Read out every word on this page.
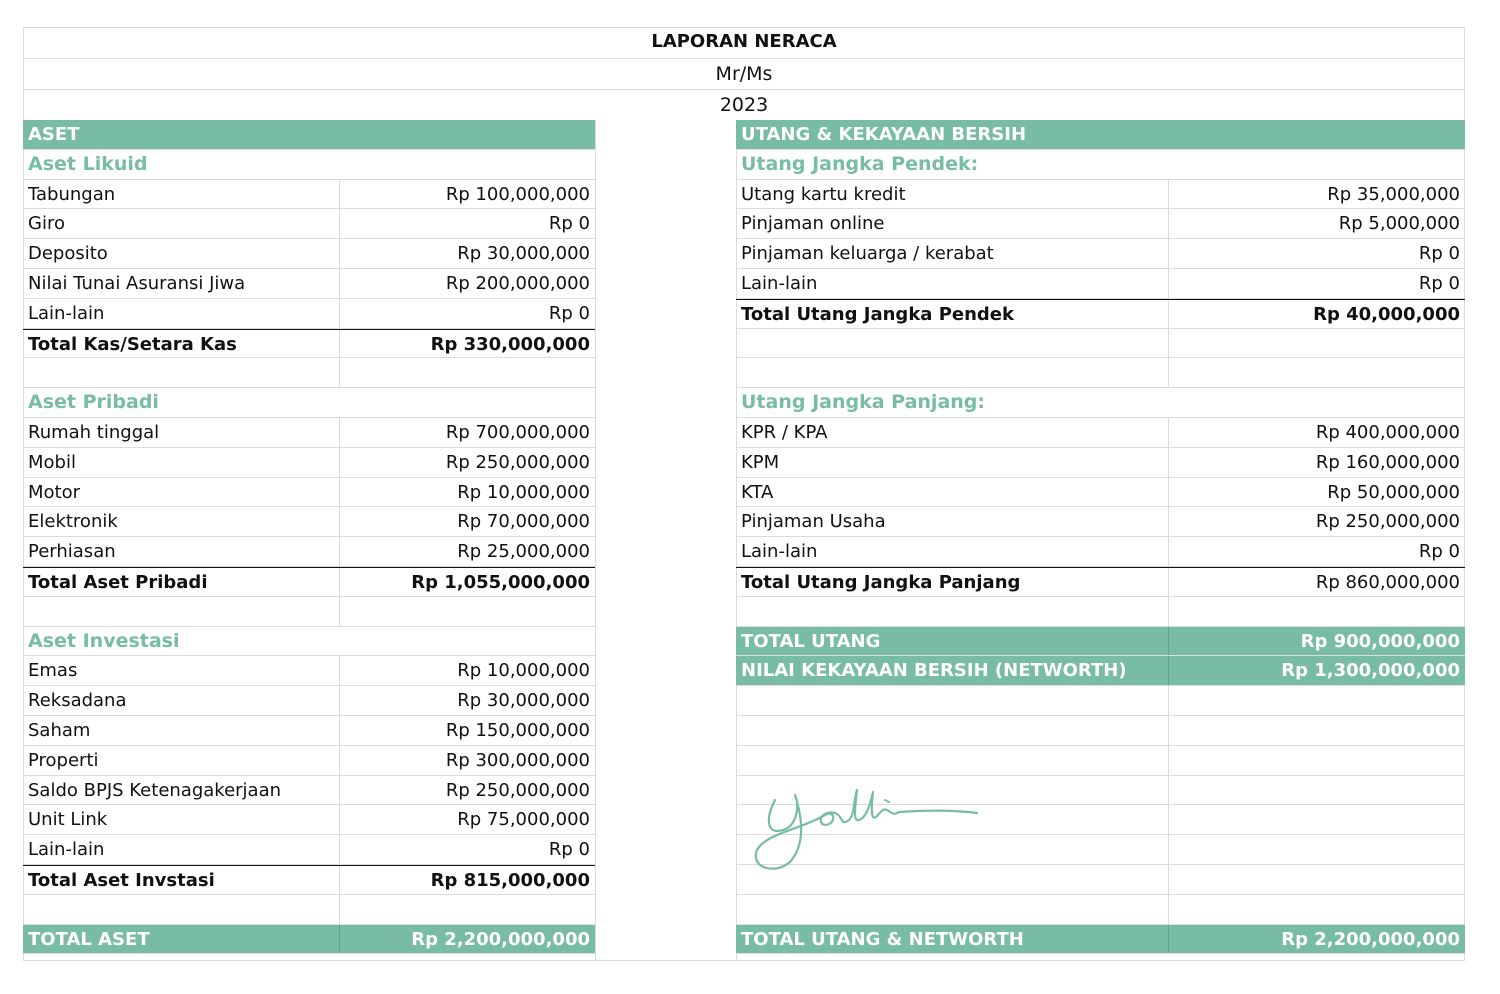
LAPORAN NERACA
Mr/Ms
2023
ASET
Aset Likuid
Tabungan	Rp 100,000,000
Giro	Rp 0
Deposito	Rp 30,000,000
Nilai Tunai Asuransi Jiwa	Rp 200,000,000
Lain-lain	Rp 0
Total Kas/Setara Kas	Rp 330,000,000
Aset Pribadi
Rumah tinggal	Rp 700,000,000
Mobil	Rp 250,000,000
Motor	Rp 10,000,000
Elektronik	Rp 70,000,000
Perhiasan	Rp 25,000,000
Total Aset Pribadi	Rp 1,055,000,000
Aset Investasi
Emas	Rp 10,000,000
Reksadana	Rp 30,000,000
Saham	Rp 150,000,000
Properti	Rp 300,000,000
Saldo BPJS Ketenagakerjaan	Rp 250,000,000
Unit Link	Rp 75,000,000
Lain-lain	Rp 0
Total Aset Invstasi	Rp 815,000,000
TOTAL ASET	Rp 2,200,000,000
UTANG & KEKAYAAN BERSIH
Utang Jangka Pendek:
Utang kartu kredit	Rp 35,000,000
Pinjaman online	Rp 5,000,000
Pinjaman keluarga / kerabat	Rp 0
Lain-lain	Rp 0
Total Utang Jangka Pendek	Rp 40,000,000
Utang Jangka Panjang:
KPR / KPA	Rp 400,000,000
KPM	Rp 160,000,000
KTA	Rp 50,000,000
Pinjaman Usaha	Rp 250,000,000
Lain-lain	Rp 0
Total Utang Jangka Panjang	Rp 860,000,000
TOTAL UTANG	Rp 900,000,000
NILAI KEKAYAAN BERSIH (NETWORTH)	Rp 1,300,000,000
TOTAL UTANG & NETWORTH	Rp 2,200,000,000
